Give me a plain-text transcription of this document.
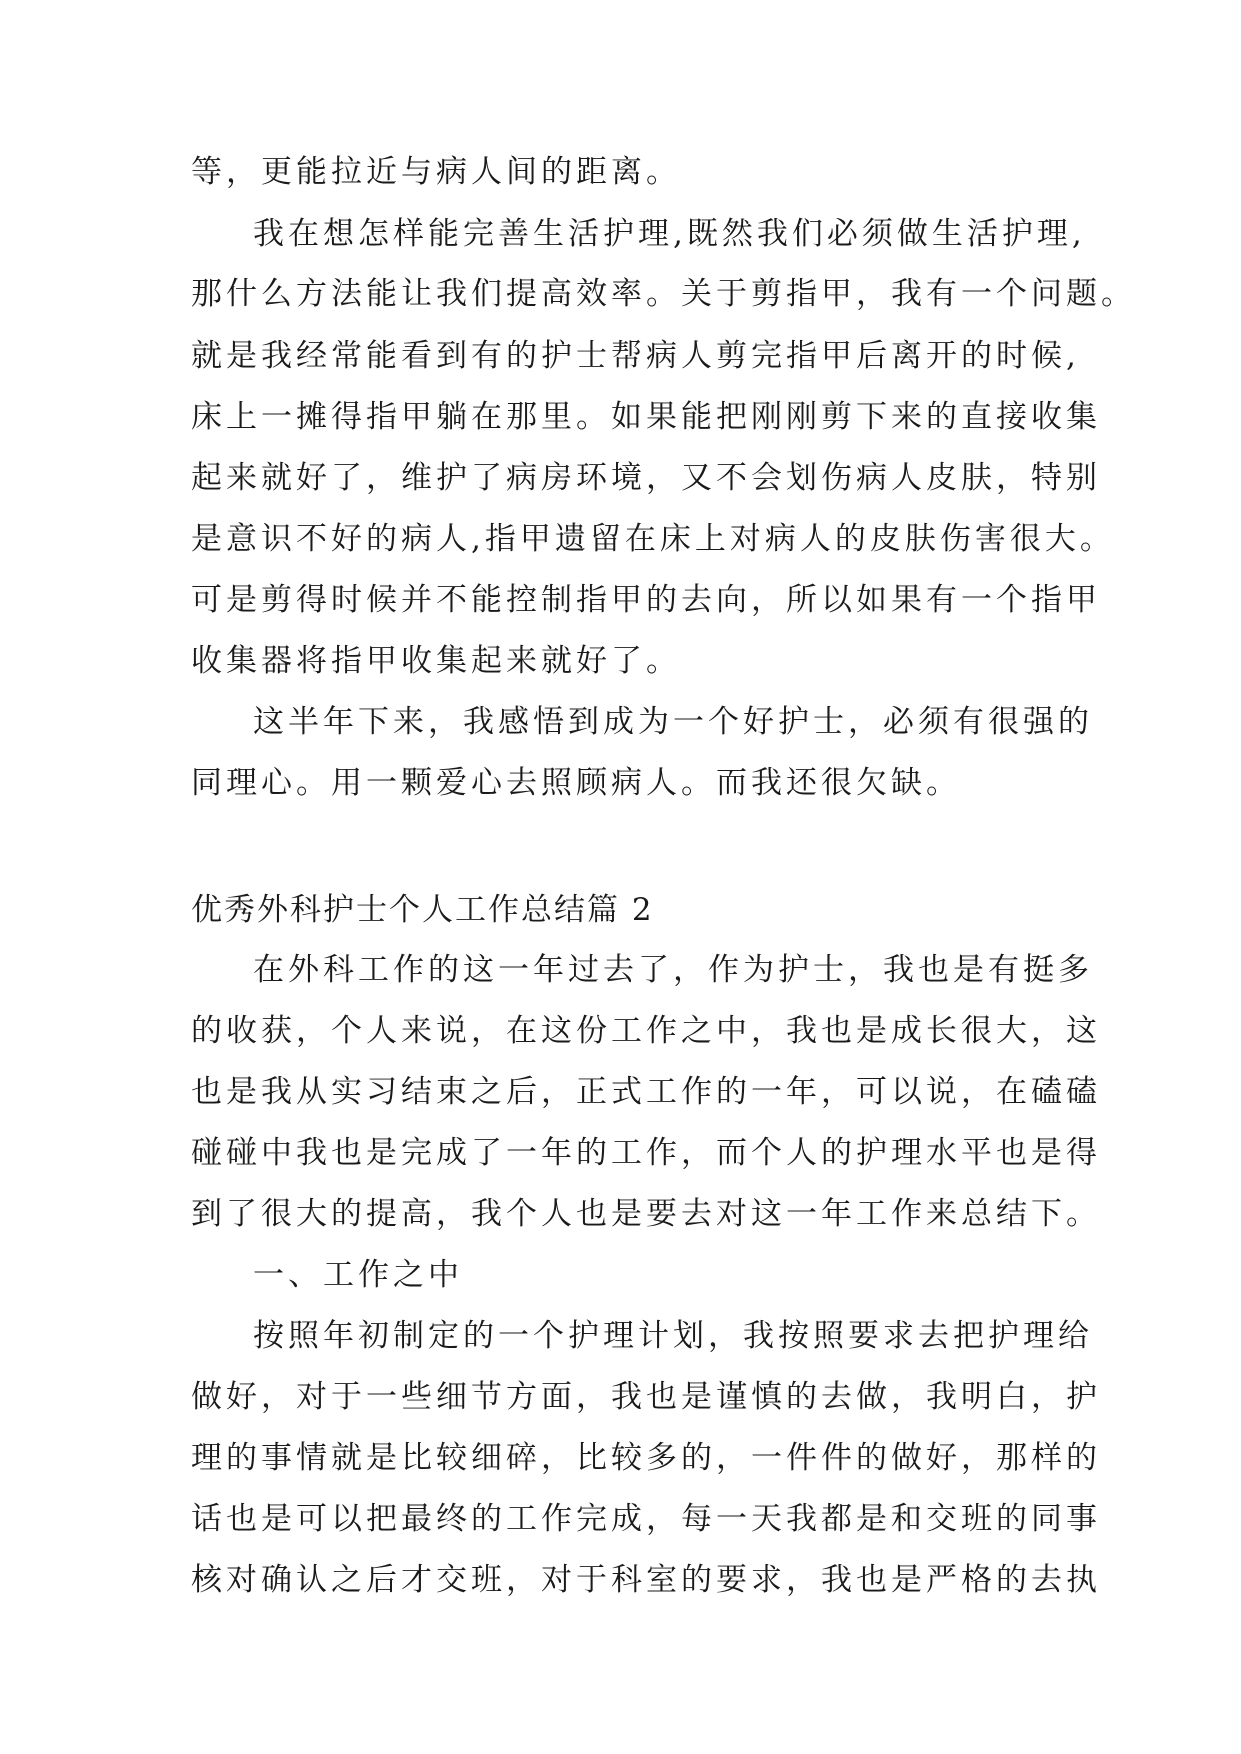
等，更能拉近与病人间的距离。
我在想怎样能完善生活护理,既然我们必须做生活护理,
那什么方法能让我们提高效率。关于剪指甲，我有一个问题。
就是我经常能看到有的护士帮病人剪完指甲后离开的时候,
床上一摊得指甲躺在那里。如果能把刚刚剪下来的直接收集
起来就好了，维护了病房环境，又不会划伤病人皮肤，特别
是意识不好的病人,指甲遗留在床上对病人的皮肤伤害很大。
可是剪得时候并不能控制指甲的去向，所以如果有一个指甲
收集器将指甲收集起来就好了。
这半年下来，我感悟到成为一个好护士，必须有很强的
同理心。用一颗爱心去照顾病人。而我还很欠缺。
优秀外科护士个人工作总结篇 2
在外科工作的这一年过去了，作为护士，我也是有挺多
的收获，个人来说，在这份工作之中，我也是成长很大，这
也是我从实习结束之后，正式工作的一年，可以说，在磕磕
碰碰中我也是完成了一年的工作，而个人的护理水平也是得
到了很大的提高，我个人也是要去对这一年工作来总结下。
一、工作之中
按照年初制定的一个护理计划，我按照要求去把护理给
做好，对于一些细节方面，我也是谨慎的去做，我明白，护
理的事情就是比较细碎，比较多的，一件件的做好，那样的
话也是可以把最终的工作完成，每一天我都是和交班的同事
核对确认之后才交班，对于科室的要求，我也是严格的去执
